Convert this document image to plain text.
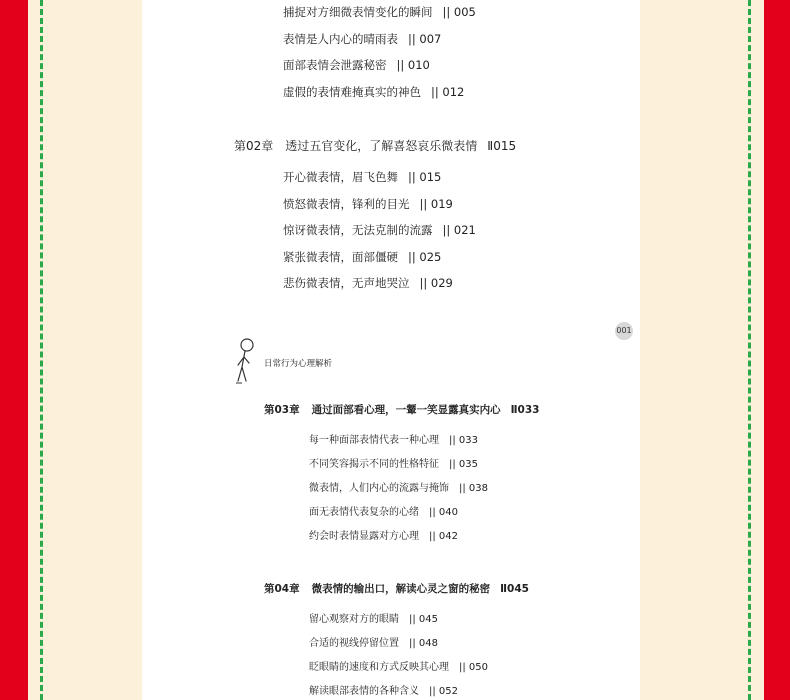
捕捉对方细微表情变化的瞬间 || 005
表情是人内心的晴雨表 || 007
面部表情会泄露秘密 || 010
虚假的表情难掩真实的神色 || 012
第02章 透过五官变化，了解喜怒哀乐微表情 Ⅱ015
开心微表情，眉飞色舞 || 015
愤怒微表情，锋利的目光 || 019
惊讶微表情，无法克制的流露 || 021
紧张微表情，面部僵硬 || 025
悲伤微表情，无声地哭泣 || 029
001
日常行为心理解析
第03章 通过面部看心理，一颦一笑显露真实内心 Ⅱ033
每一种面部表情代表一种心理 || 033
不同笑容揭示不同的性格特征 || 035
微表情，人们内心的流露与掩饰 || 038
面无表情代表复杂的心绪 || 040
约会时表情显露对方心理 || 042
第04章 微表情的输出口，解读心灵之窗的秘密 Ⅱ045
留心观察对方的眼睛 || 045
合适的视线停留位置 || 048
眨眼睛的速度和方式反映其心理 || 050
解读眼部表情的各种含义 || 052
